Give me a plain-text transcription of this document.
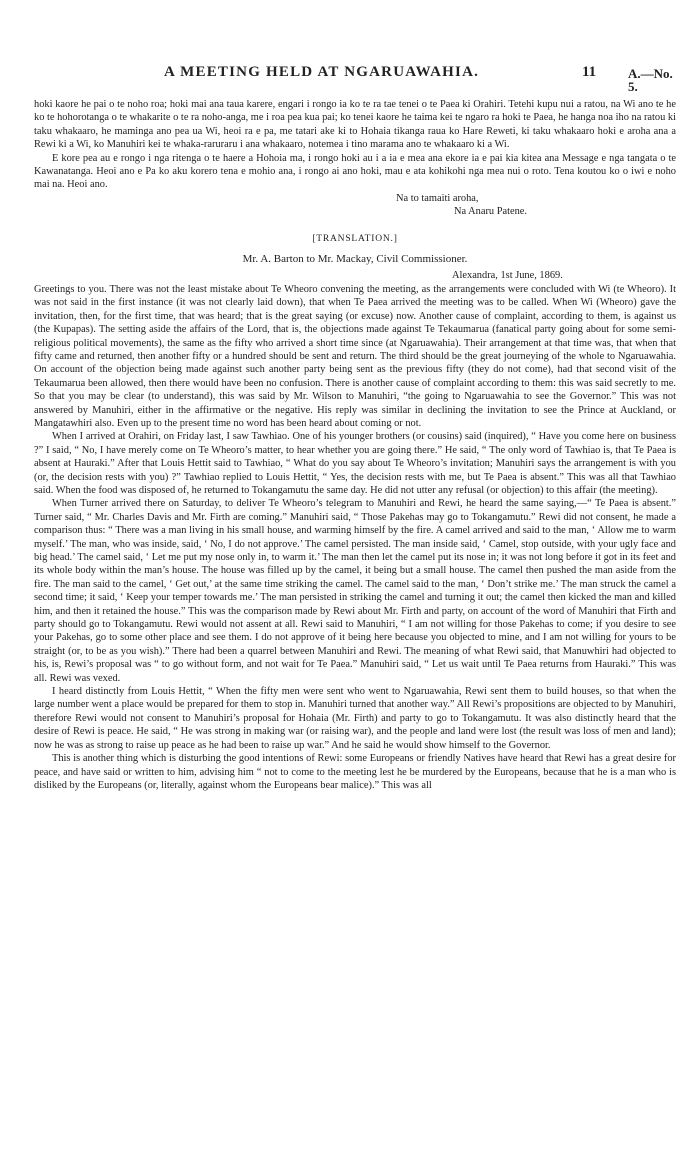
A MEETING HELD AT NGARUAWAHIA.	11 A.—No. 5.

hoki kaore he pai o te noho roa; hoki mai ana taua karere, engari i rongo ia ko te ra tae tenei o te Paea ki Orahiri. Tetehi kupu nui a ratou, na Wi ano te he ko te hohorotanga o te whakarite o te ra noho-anga, me i roa pea kua pai; ko tenei kaore he taima kei te ngaro ra hoki te Paea, he hanga noa iho na ratou ki taku whakaaro, he maminga ano pea ua Wi, heoi ra e pa, me tatari ake ki to Hohaia tikanga raua ko Hare Reweti, ki taku whakaaro hoki e aroha ana a Rewi ki a Wi, ko Manuhiri kei te whaka-raruraru i ana whakaaro, notemea i tino marama ano te whakaaro ki a Wi.

E kore pea au e rongo i nga ritenga o te haere a Hohoia ma, i rongo hoki au i a ia e mea ana ekore ia e pai kia kitea ana Message e nga tangata o te Kawanatanga. Heoi ano e Pa ko aku korero tena e mohio ana, i rongo ai ano hoki, mau e ata kohikohi nga mea nui o roto. Tena koutou ko o iwi e noho mai na. Heoi ano.

Na to tamaiti aroha,
Na Anaru Patene.
[TRANSLATION.]
Mr. A. Barton to Mr. Mackay, Civil Commissioner.
Alexandra, 1st June, 1869.

Greetings to you. There was not the least mistake about Te Wheoro convening the meeting, as the arrangements were concluded with Wi (te Wheoro). It was not said in the first instance (it was not clearly laid down), that when Te Paea arrived the meeting was to be called. When Wi (Wheoro) gave the invitation, then, for the first time, that was heard; that is the great saying (or excuse) now. Another cause of complaint, according to them, is against us (the Kupapas). The setting aside the affairs of the Lord, that is, the objections made against Te Tekaumarua (fanatical party going about for some semi-religious political movements), the same as the fifty who arrived a short time since (at Ngaruawahia). Their arrangement at that time was, that when that fifty came and returned, then another fifty or a hundred should be sent and return. The third should be the great journeying of the whole to Ngaruawahia. On account of the objection being made against such another party being sent as the previous fifty (they do not come), had that second visit of the Tekaumarua been allowed, then there would have been no confusion. There is another cause of complaint according to them: this was said secretly to me. So that you may be clear (to understand), this was said by Mr. Wilson to Manuhiri, “the going to Ngaruawahia to see the Governor.” This was not answered by Manuhiri, either in the affirmative or the negative. His reply was similar in declining the invitation to see the Prince at Auckland, or Mangatawhiri also. Even up to the present time no word has been heard about coming or not.

When I arrived at Orahiri, on Friday last, I saw Tawhiao. One of his younger brothers (or cousins) said (inquired), “ Have you come here on business ?” I said, “ No, I have merely come on Te Wheoro’s matter, to hear whether you are going there.” He said, “ The only word of Tawhiao is, that Te Paea is absent at Hauraki.” After that Louis Hettit said to Tawhiao, “ What do you say about Te Wheoro’s invitation; Manuhiri says the arrangement is with you (or, the decision rests with you) ?” Tawhiao replied to Louis Hettit, “ Yes, the decision rests with me, but Te Paea is absent.” This was all that Tawhiao said. When the food was disposed of, he returned to Tokangamutu the same day. He did not utter any refusal (or objection) to this affair (the meeting).

When Turner arrived there on Saturday, to deliver Te Wheoro’s telegram to Manuhiri and Rewi, he heard the same saying,—“ Te Paea is absent.” Turner said, “ Mr. Charles Davis and Mr. Firth are coming.” Manuhiri said, “ Those Pakehas may go to Tokangamutu.” Rewi did not consent, he made a comparison thus: “ There was a man living in his small house, and warming himself by the fire. A camel arrived and said to the man, ‘ Allow me to warm myself.’ The man, who was inside, said, ‘ No, I do not approve.’ The camel persisted. The man inside said, ‘ Camel, stop outside, with your ugly face and big head.’ The camel said, ‘ Let me put my nose only in, to warm it.’ The man then let the camel put its nose in; it was not long before it got in its feet and its whole body within the man’s house. The house was filled up by the camel, it being but a small house. The camel then pushed the man aside from the fire. The man said to the camel, ‘ Get out,’ at the same time striking the camel. The camel said to the man, ‘ Don’t strike me.’ The man struck the camel a second time; it said, ‘ Keep your temper towards me.’ The man persisted in striking the camel and turning it out; the camel then kicked the man and killed him, and then it retained the house.” This was the comparison made by Rewi about Mr. Firth and party, on account of the word of Manuhiri that Firth and party should go to Tokangamutu. Rewi would not assent at all. Rewi said to Manuhiri, “ I am not willing for those Pakehas to come; if you desire to see your Pakehas, go to some other place and see them. I do not approve of it being here because you objected to mine, and I am not willing for yours to be straight (or, to be as you wish).” There had been a quarrel between Manuhiri and Rewi. The meaning of what Rewi said, that Manuwhiri had objected to his, is, Rewi’s proposal was “ to go without form, and not wait for Te Paea.” Manuhiri said, “ Let us wait until Te Paea returns from Hauraki.” This was all. Rewi was vexed.

I heard distinctly from Louis Hettit, “ When the fifty men were sent who went to Ngaruawahia, Rewi sent them to build houses, so that when the large number went a place would be prepared for them to stop in. Manuhiri turned that another way.” All Rewi’s propositions are objected to by Manuhiri, therefore Rewi would not consent to Manuhiri’s proposal for Hohaia (Mr. Firth) and party to go to Tokangamutu. It was also distinctly heard that the desire of Rewi is peace. He said, “ He was strong in making war (or raising war), and the people and land were lost (the result was loss of men and land); now he was as strong to raise up peace as he had been to raise up war.” And he said he would show himself to the Governor.

This is another thing which is disturbing the good intentions of Rewi: some Europeans or friendly Natives have heard that Rewi has a great desire for peace, and have said or written to him, advising him “ not to come to the meeting lest he be murdered by the Europeans, because that he is a man who is disliked by the Europeans (or, literally, against whom the Europeans bear malice).” This was all
